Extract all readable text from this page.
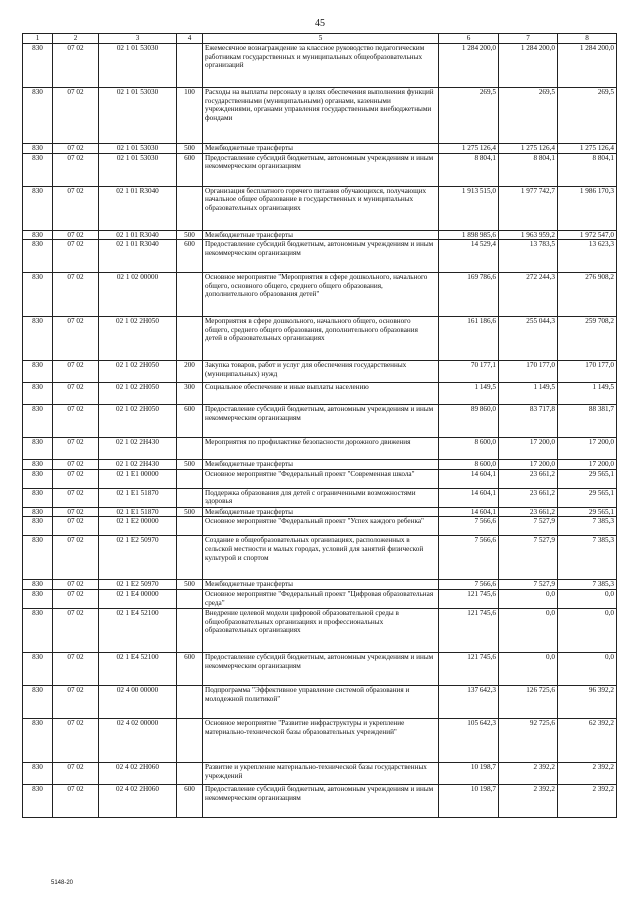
45
1	2	3	4	5	6	7	8
830	07 02	02 1 01 53030		Ежемесячное вознаграждение за классное руководство педагогическим работникам государственных и муниципальных общеобразовательных организаций	1 284 200,0	1 284 200,0	1 284 200,0
830	07 02	02 1 01 53030	100	Расходы на выплаты персоналу в целях обеспечения выполнения функций государственными (муниципальными) органами, казенными учреждениями, органами управления государственными внебюджетными фондами	269,5	269,5	269,5
830	07 02	02 1 01 53030	500	Межбюджетные трансферты	1 275 126,4	1 275 126,4	1 275 126,4
830	07 02	02 1 01 53030	600	Предоставление субсидий бюджетным, автономным учреждениям и иным некоммерческим организациям	8 804,1	8 804,1	8 804,1
830	07 02	02 1 01 R3040		Организация бесплатного горячего питания обучающихся, получающих начальное общее образование в государственных и муниципальных образовательных организациях	1 913 515,0	1 977 742,7	1 986 170,3
830	07 02	02 1 01 R3040	500	Межбюджетные трансферты	1 898 985,6	1 963 959,2	1 972 547,0
830	07 02	02 1 01 R3040	600	Предоставление субсидий бюджетным, автономным учреждениям и иным некоммерческим организациям	14 529,4	13 783,5	13 623,3
830	07 02	02 1 02 00000		Основное мероприятие "Мероприятия в сфере дошкольного, начального общего, основного общего, среднего общего образования, дополнительного образования детей"	169 786,6	272 244,3	276 908,2
830	07 02	02 1 02 2Н050		Мероприятия в сфере дошкольного, начального общего, основного общего, среднего общего образования, дополнительного образования детей в образовательных организациях	161 186,6	255 044,3	259 708,2
830	07 02	02 1 02 2Н050	200	Закупка товаров, работ и услуг для обеспечения государственных (муниципальных) нужд	70 177,1	170 177,0	170 177,0
830	07 02	02 1 02 2Н050	300	Социальное обеспечение и иные выплаты населению	1 149,5	1 149,5	1 149,5
830	07 02	02 1 02 2Н050	600	Предоставление субсидий бюджетным, автономным учреждениям и иным некоммерческим организациям	89 860,0	83 717,8	88 381,7
830	07 02	02 1 02 2Н430		Мероприятия по профилактике безопасности дорожного движения	8 600,0	17 200,0	17 200,0
830	07 02	02 1 02 2Н430	500	Межбюджетные трансферты	8 600,0	17 200,0	17 200,0
830	07 02	02 1 Е1 00000		Основное мероприятие "Федеральный проект "Современная школа"	14 604,1	23 661,2	29 565,1
830	07 02	02 1 Е1 51870		Поддержка образования для детей с ограниченными возможностями здоровья	14 604,1	23 661,2	29 565,1
830	07 02	02 1 Е1 51870	500	Межбюджетные трансферты	14 604,1	23 661,2	29 565,1
830	07 02	02 1 Е2 00000		Основное мероприятие "Федеральный проект "Успех каждого ребенка"	7 566,6	7 527,9	7 385,3
830	07 02	02 1 Е2 50970		Создание в общеобразовательных организациях, расположенных в сельской местности и малых городах, условий для занятий физической культурой и спортом	7 566,6	7 527,9	7 385,3
830	07 02	02 1 Е2 50970	500	Межбюджетные трансферты	7 566,6	7 527,9	7 385,3
830	07 02	02 1 Е4 00000		Основное мероприятие "Федеральный проект "Цифровая образовательная среда"	121 745,6	0,0	0,0
830	07 02	02 1 Е4 52100		Внедрение целевой модели цифровой образовательной среды в общеобразовательных организациях и профессиональных образовательных организациях	121 745,6	0,0	0,0
830	07 02	02 1 Е4 52100	600	Предоставление субсидий бюджетным, автономным учреждениям и иным некоммерческим организациям	121 745,6	0,0	0,0
830	07 02	02 4 00 00000		Подпрограмма "Эффективное управление системой образования и молодежной политикой"	137 642,3	126 725,6	96 392,2
830	07 02	02 4 02 00000		Основное мероприятие "Развитие инфраструктуры и укрепление материально-технической базы образовательных учреждений"	105 642,3	92 725,6	62 392,2
830	07 02	02 4 02 2Н060		Развитие и укрепление материально-технической базы государственных учреждений	10 198,7	2 392,2	2 392,2
830	07 02	02 4 02 2Н060	600	Предоставление субсидий бюджетным, автономным учреждениям и иным некоммерческим организациям	10 198,7	2 392,2	2 392,2
5148-20
